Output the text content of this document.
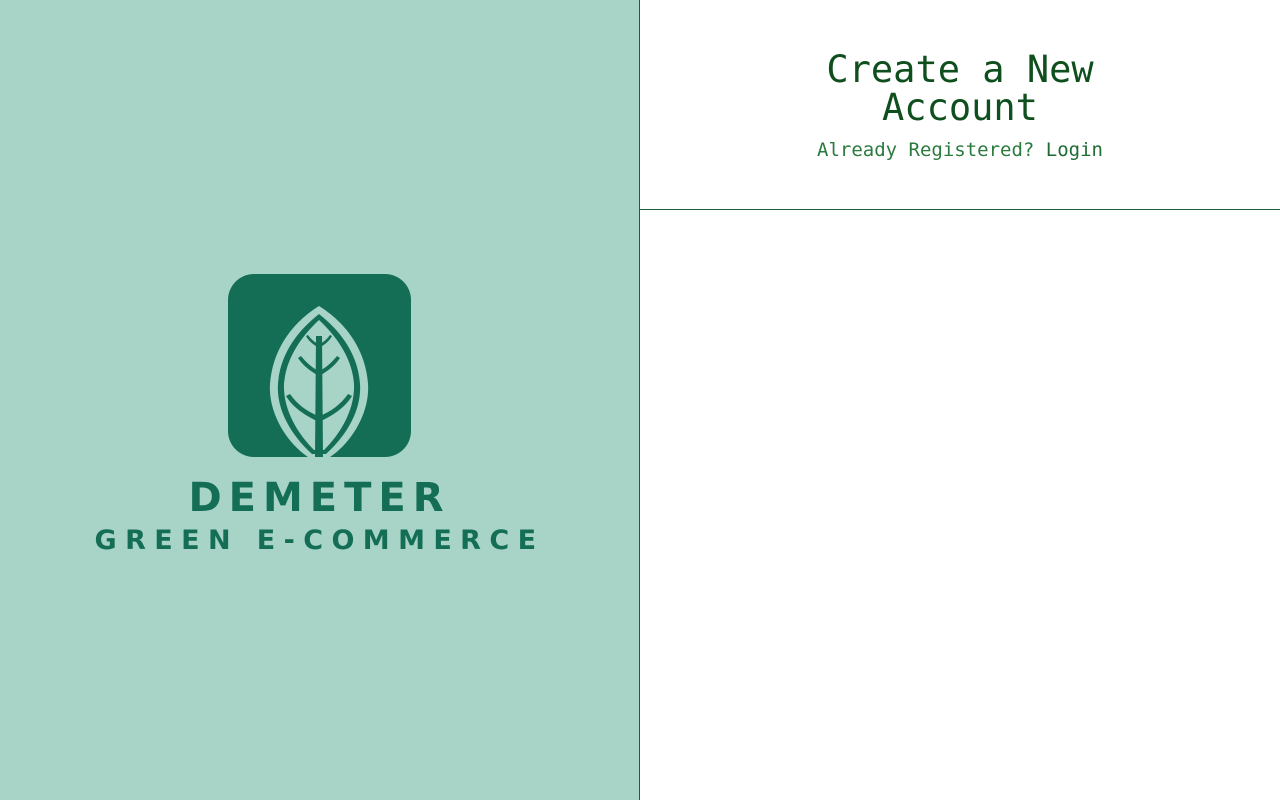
DEMETER
GREEN E-COMMERCE
Create a New Account
Already Registered? Login
